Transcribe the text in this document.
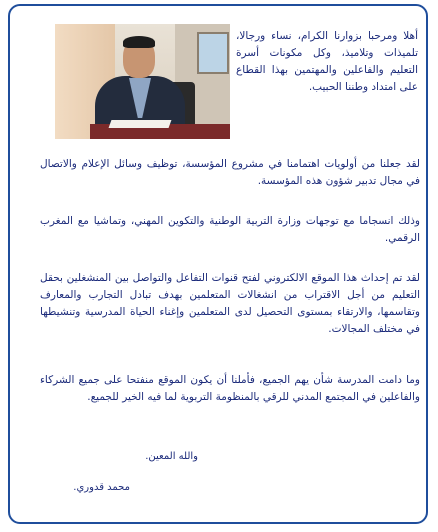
أهلا ومرحبا بزوارنا الكرام، نساء ورجالا، تلميذات وتلاميذ، وكل مكونات أسرة التعليم والفاعلين والمهتمين بهذا القطاع على امتداد وطننا الحبيب.

لقد جعلنا من أولويات اهتمامنا في مشروع المؤسسة، توظيف وسائل الإعلام والاتصال في مجال تدبير شؤون هذه المؤسسة.

وذلك انسجاما مع توجهات وزارة التربية الوطنية والتكوين المهني، وتماشيا مع المغرب الرقمي.

لقد تم إحداث هذا الموقع الالكتروني لفتح قنوات التفاعل والتواصل بين المنشغلين بحقل التعليم من أجل الاقتراب من انشغالات المتعلمين بهدف تبادل التجارب والمعارف وتقاسمها، والارتقاء بمستوى التحصيل لدى المتعلمين وإغناء الحياة المدرسية وتنشيطها في مختلف المجالات.

وما دامت المدرسة شأن يهم الجميع، فأملنا أن يكون الموقع منفتحا على جميع الشركاء والفاعلين في المجتمع المدني للرقي بالمنظومة التربوية لما فيه الخير للجميع.

والله المعين.
محمد قدوري.
